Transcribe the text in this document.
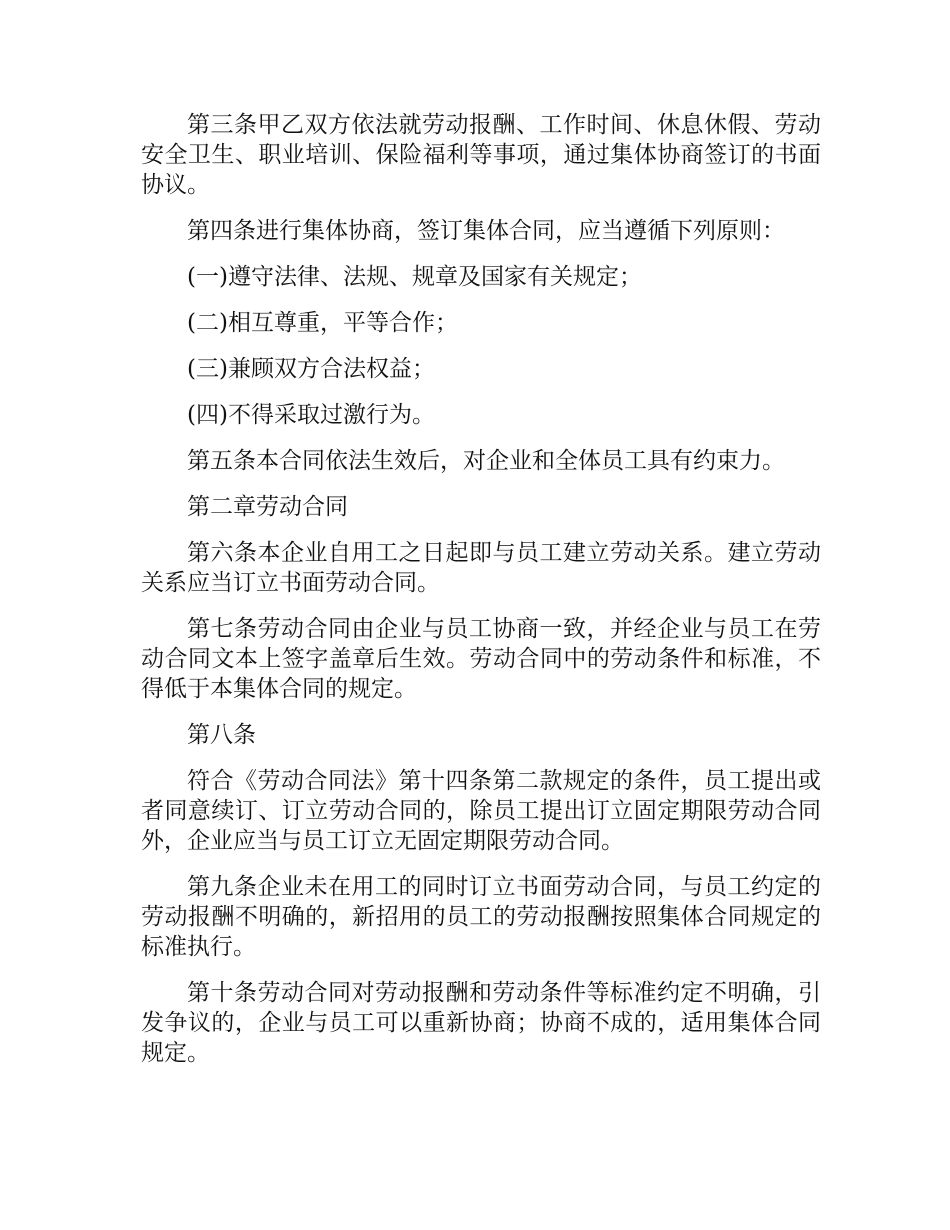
第三条甲乙双方依法就劳动报酬、工作时间、休息休假、劳动安全卫生、职业培训、保险福利等事项，通过集体协商签订的书面协议。

第四条进行集体协商，签订集体合同，应当遵循下列原则：

(一)遵守法律、法规、规章及国家有关规定；

(二)相互尊重，平等合作；

(三)兼顾双方合法权益；

(四)不得采取过激行为。

第五条本合同依法生效后，对企业和全体员工具有约束力。

第二章劳动合同

第六条本企业自用工之日起即与员工建立劳动关系。建立劳动关系应当订立书面劳动合同。

第七条劳动合同由企业与员工协商一致，并经企业与员工在劳动合同文本上签字盖章后生效。劳动合同中的劳动条件和标准，不得低于本集体合同的规定。

第八条

符合《劳动合同法》第十四条第二款规定的条件，员工提出或者同意续订、订立劳动合同的，除员工提出订立固定期限劳动合同外，企业应当与员工订立无固定期限劳动合同。

第九条企业未在用工的同时订立书面劳动合同，与员工约定的劳动报酬不明确的，新招用的员工的劳动报酬按照集体合同规定的标准执行。

第十条劳动合同对劳动报酬和劳动条件等标准约定不明确，引发争议的，企业与员工可以重新协商；协商不成的，适用集体合同规定。
